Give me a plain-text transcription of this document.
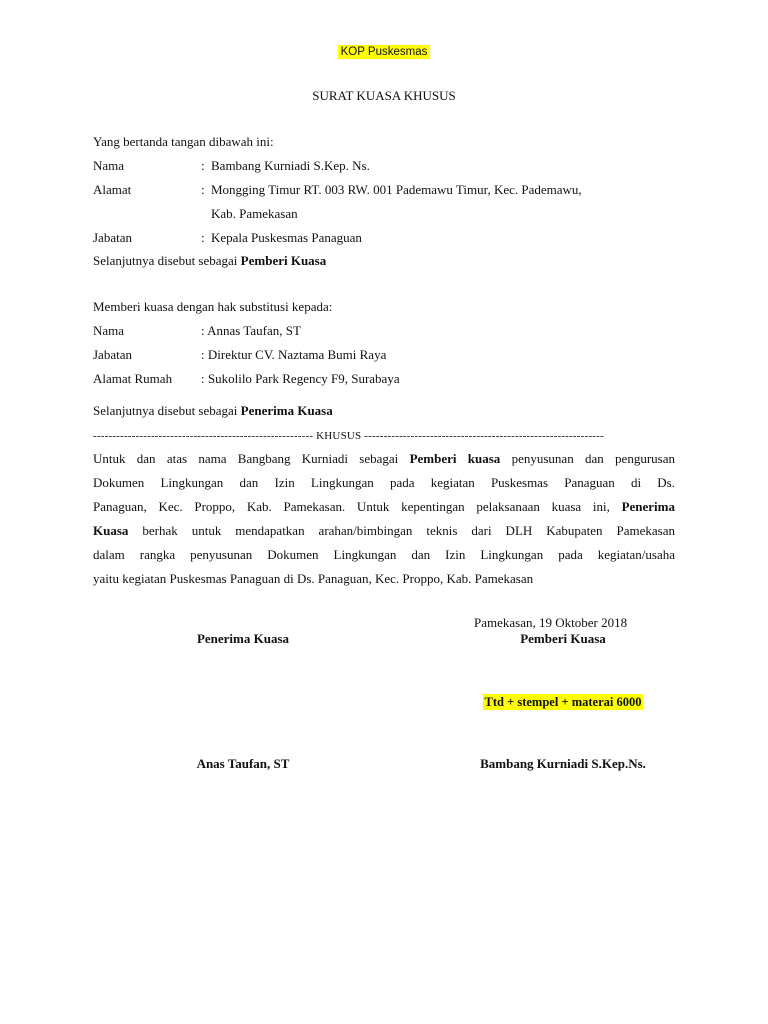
KOP Puskesmas
SURAT KUASA KHUSUS
Yang bertanda tangan dibawah ini:
Nama	: Bambang Kurniadi S.Kep. Ns.
Alamat	: Mongging Timur RT. 003 RW. 001 Pademawu Timur, Kec. Pademawu,
Kab. Pamekasan
Jabatan	: Kepala Puskesmas Panaguan
Selanjutnya disebut sebagai Pemberi Kuasa
Memberi kuasa dengan hak substitusi kepada:
Nama	: Annas Taufan, ST
Jabatan	: Direktur CV. Naztama Bumi Raya
Alamat Rumah : Sukolilo Park Regency F9, Surabaya
Selanjutnya disebut sebagai Penerima Kuasa
--------------------------------------------------------- KHUSUS --------------------------------------------------------------
Untuk dan atas nama Bangbang Kurniadi sebagai Pemberi kuasa penyusunan dan pengurusan
Dokumen Lingkungan dan Izin Lingkungan pada kegiatan Puskesmas Panaguan di Ds.
Panaguan, Kec. Proppo, Kab. Pamekasan. Untuk kepentingan pelaksanaan kuasa ini, Penerima
Kuasa berhak untuk mendapatkan arahan/bimbingan teknis dari DLH Kabupaten Pamekasan
dalam rangka penyusunan Dokumen Lingkungan dan Izin Lingkungan pada kegiatan/usaha
yaitu kegiatan Puskesmas Panaguan di Ds. Panaguan, Kec. Proppo, Kab. Pamekasan
Pamekasan, 19 Oktober 2018
Penerima Kuasa	Pemberi Kuasa
Ttd + stempel + materai 6000
Anas Taufan, ST	Bambang Kurniadi S.Kep.Ns.
